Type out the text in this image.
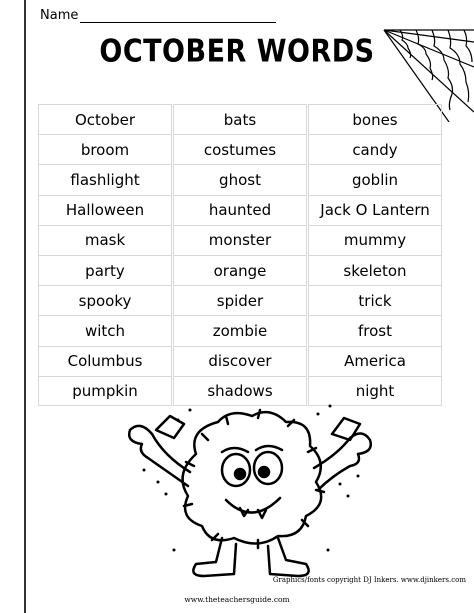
Name
OCTOBER WORDS
October	bats	bones
broom	costumes	candy
flashlight	ghost	goblin
Halloween	haunted	Jack O Lantern
mask	monster	mummy
party	orange	skeleton
spooky	spider	trick
witch	zombie	frost
Columbus	discover	America
pumpkin	shadows	night
Graphics/fonts copyright DJ Inkers. www.djinkers.com
www.theteachersguide.com
